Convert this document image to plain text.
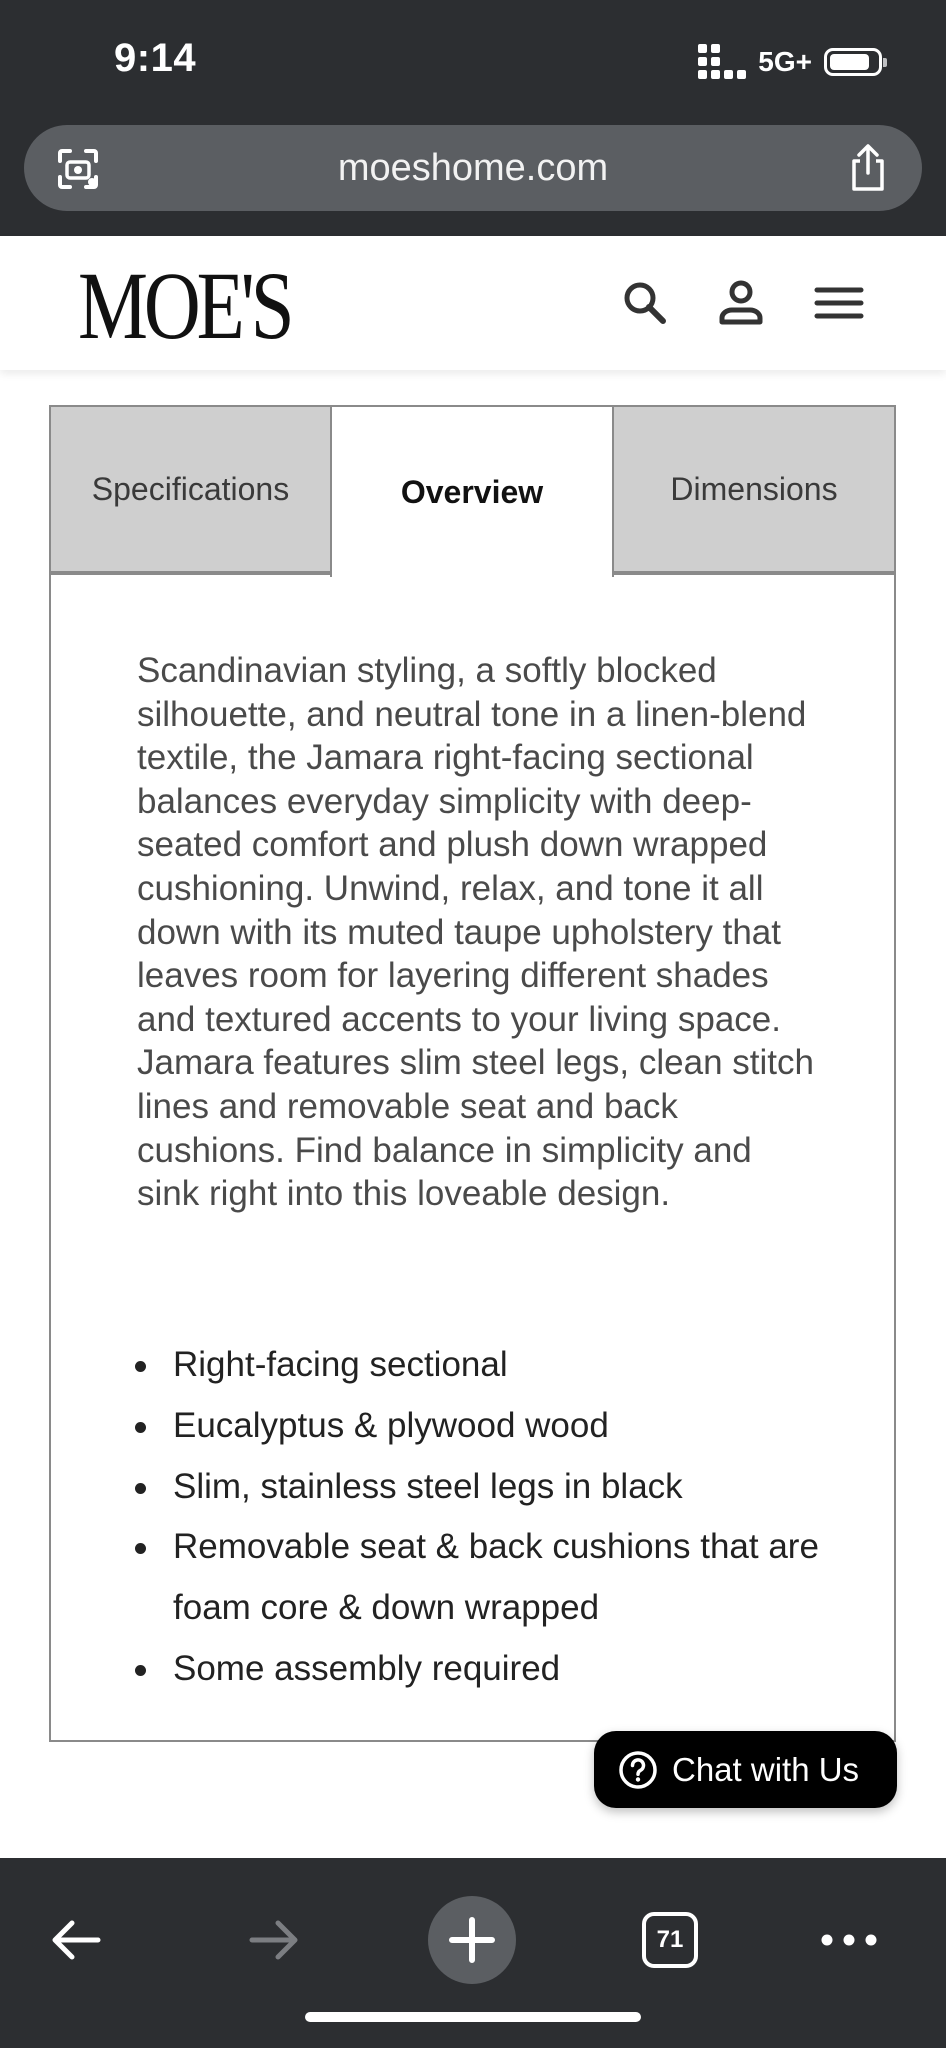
9:14	5G+
moeshome.com
MOE'S
Specifications	Overview	Dimensions

Scandinavian styling, a softly blocked silhouette, and neutral tone in a linen-blend textile, the Jamara right-facing sectional balances everyday simplicity with deep-seated comfort and plush down wrapped cushioning. Unwind, relax, and tone it all down with its muted taupe upholstery that leaves room for layering different shades and textured accents to your living space. Jamara features slim steel legs, clean stitch lines and removable seat and back cushions. Find balance in simplicity and sink right into this loveable design.

Right-facing sectional
Eucalyptus & plywood wood
Slim, stainless steel legs in black
Removable seat & back cushions that are foam core & down wrapped
Some assembly required
Chat with Us
71
